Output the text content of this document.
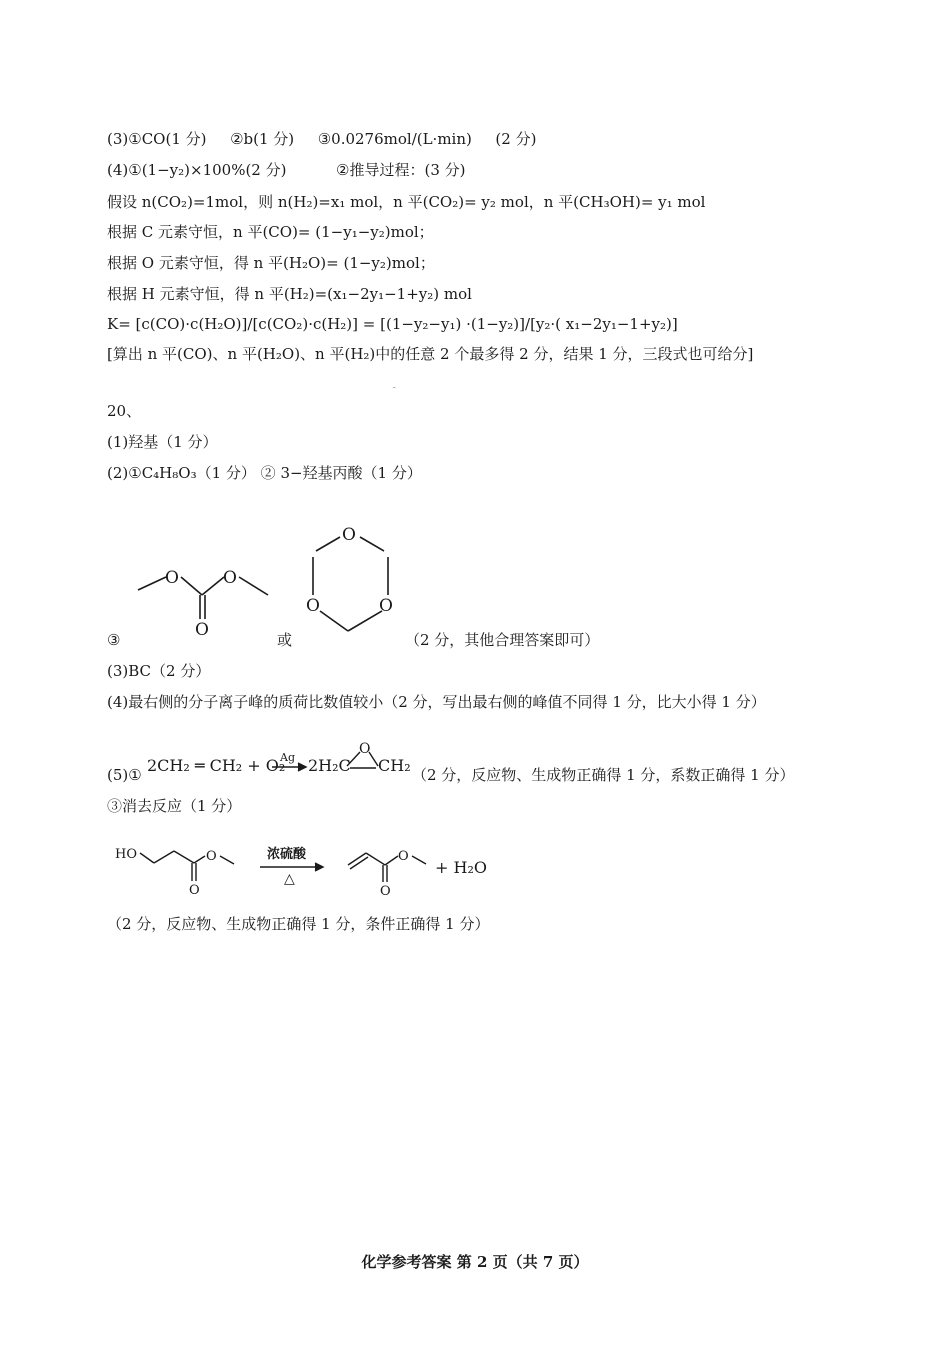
(3)①CO(1 分) ②b(1 分) ③0.0276mol/(L·min) (2 分)
(4)①(1−y₂)×100%(2 分)	②推导过程：(3 分)
假设 n(CO₂)=1mol，则 n(H₂)=x₁ mol，n 平(CO₂)= y₂ mol，n 平(CH₃OH)= y₁ mol
根据 C 元素守恒，n 平(CO)= (1−y₁−y₂)mol；
根据 O 元素守恒，得 n 平(H₂O)= (1−y₂)mol；
根据 H 元素守恒，得 n 平(H₂)=(x₁−2y₁−1+y₂) mol
K= [c(CO)·c(H₂O)]/[c(CO₂)·c(H₂)] = [(1−y₂−y₁) ·(1−y₂)]/[y₂·( x₁−2y₁−1+y₂)]
[算出 n 平(CO)、n 平(H₂O)、n 平(H₂)中的任意 2 个最多得 2 分，结果 1 分，三段式也可给分]
ـ
20、
(1)羟基（1 分）
(2)①C₄H₈O₃（1 分） ② 3−羟基丙酸（1 分）
O	O
O
O
O	O
③	或	（2 分，其他合理答案即可）
(3)BC（2 分）
(4)最右侧的分子离子峰的质荷比数值较小（2 分，写出最右侧的峰值不同得 1 分，比大小得 1 分）
(5)① 2CH₂ ═ CH₂ + O₂
Ag
O
2H₂C CH₂ （2 分，反应物、生成物正确得 1 分，系数正确得 1 分）
③消去反应（1 分）
HO	O
O
O
O
浓硫酸
△
+ H₂O
（2 分，反应物、生成物正确得 1 分，条件正确得 1 分）
化学参考答案 第 2 页（共 7 页）
